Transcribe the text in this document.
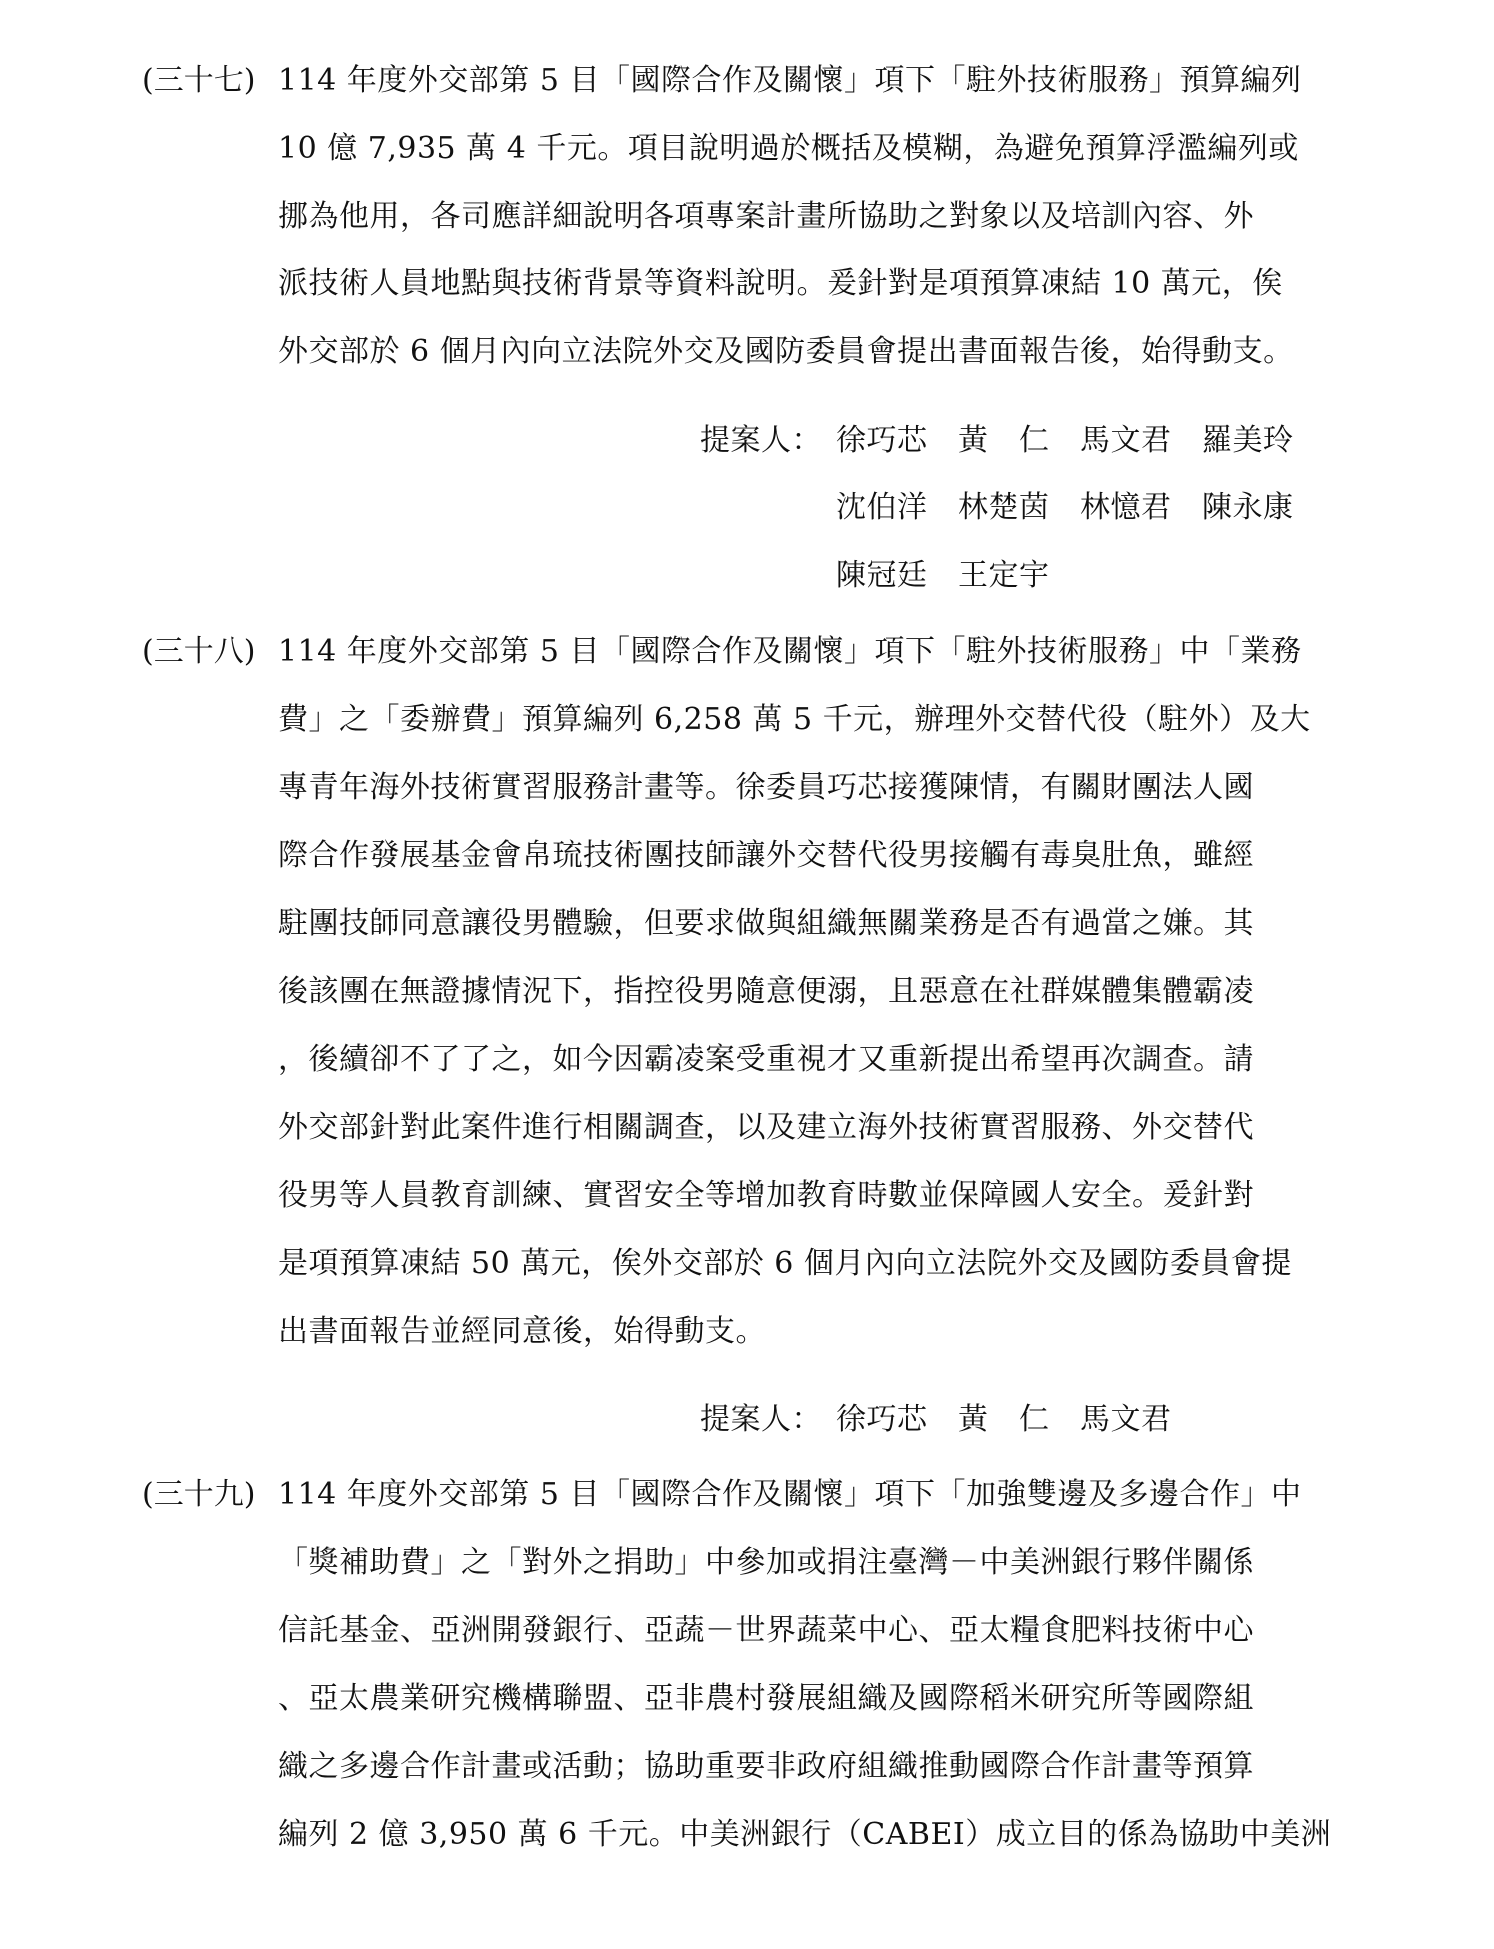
(三十七) 114 年度外交部第 5 目「國際合作及關懷」項下「駐外技術服務」預算編列
10 億 7,935 萬 4 千元。項目說明過於概括及模糊，為避免預算浮濫編列或
挪為他用，各司應詳細說明各項專案計畫所協助之對象以及培訓內容、外
派技術人員地點與技術背景等資料說明。爰針對是項預算凍結 10 萬元，俟
外交部於 6 個月內向立法院外交及國防委員會提出書面報告後，始得動支。
提案人： 徐巧芯　黃　仁　馬文君　羅美玲
沈伯洋　林楚茵　林憶君　陳永康
陳冠廷　王定宇
(三十八) 114 年度外交部第 5 目「國際合作及關懷」項下「駐外技術服務」中「業務
費」之「委辦費」預算編列 6,258 萬 5 千元，辦理外交替代役（駐外）及大
專青年海外技術實習服務計畫等。徐委員巧芯接獲陳情，有關財團法人國
際合作發展基金會帛琉技術團技師讓外交替代役男接觸有毒臭肚魚，雖經
駐團技師同意讓役男體驗，但要求做與組織無關業務是否有過當之嫌。其
後該團在無證據情況下，指控役男隨意便溺，且惡意在社群媒體集體霸凌
，後續卻不了了之，如今因霸凌案受重視才又重新提出希望再次調查。請
外交部針對此案件進行相關調查，以及建立海外技術實習服務、外交替代
役男等人員教育訓練、實習安全等增加教育時數並保障國人安全。爰針對
是項預算凍結 50 萬元，俟外交部於 6 個月內向立法院外交及國防委員會提
出書面報告並經同意後，始得動支。
提案人： 徐巧芯　黃　仁　馬文君
(三十九) 114 年度外交部第 5 目「國際合作及關懷」項下「加強雙邊及多邊合作」中
「獎補助費」之「對外之捐助」中參加或捐注臺灣－中美洲銀行夥伴關係
信託基金、亞洲開發銀行、亞蔬－世界蔬菜中心、亞太糧食肥料技術中心
、亞太農業研究機構聯盟、亞非農村發展組織及國際稻米研究所等國際組
織之多邊合作計畫或活動；協助重要非政府組織推動國際合作計畫等預算
編列 2 億 3,950 萬 6 千元。中美洲銀行（CABEI）成立目的係為協助中美洲
